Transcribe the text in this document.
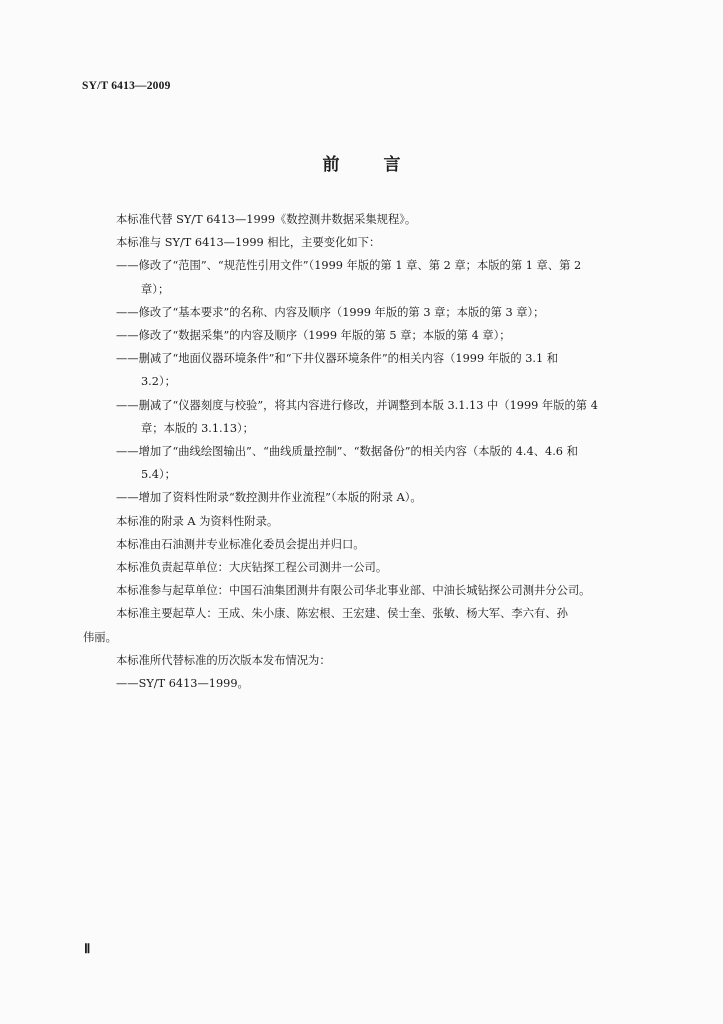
SY/T 6413—2009
前	言

本标准代替 SY/T 6413—1999《数控测井数据采集规程》。

本标准与 SY/T 6413—1999 相比，主要变化如下：

——修改了“范围”、“规范性引用文件”（1999 年版的第 1 章、第 2 章；本版的第 1 章、第 2
章）；
——修改了“基本要求”的名称、内容及顺序（1999 年版的第 3 章；本版的第 3 章）；
——修改了“数据采集”的内容及顺序（1999 年版的第 5 章；本版的第 4 章）；
——删减了“地面仪器环境条件”和“下井仪器环境条件”的相关内容（1999 年版的 3.1 和
3.2）；
——删减了“仪器刻度与校验”，将其内容进行修改，并调整到本版 3.1.13 中（1999 年版的第 4
章；本版的 3.1.13）；
——增加了“曲线绘图输出”、“曲线质量控制”、“数据备份”的相关内容（本版的 4.4、4.6 和
5.4）；
——增加了资料性附录“数控测井作业流程”（本版的附录 A）。

本标准的附录 A 为资料性附录。

本标准由石油测井专业标准化委员会提出并归口。

本标准负责起草单位：大庆钻探工程公司测井一公司。

本标准参与起草单位：中国石油集团测井有限公司华北事业部、中油长城钻探公司测井分公司。

本标准主要起草人：王成、朱小康、陈宏根、王宏建、侯士奎、张敏、杨大军、李六有、孙
伟丽。

本标准所代替标准的历次版本发布情况为：

——SY/T 6413—1999。

Ⅱ
